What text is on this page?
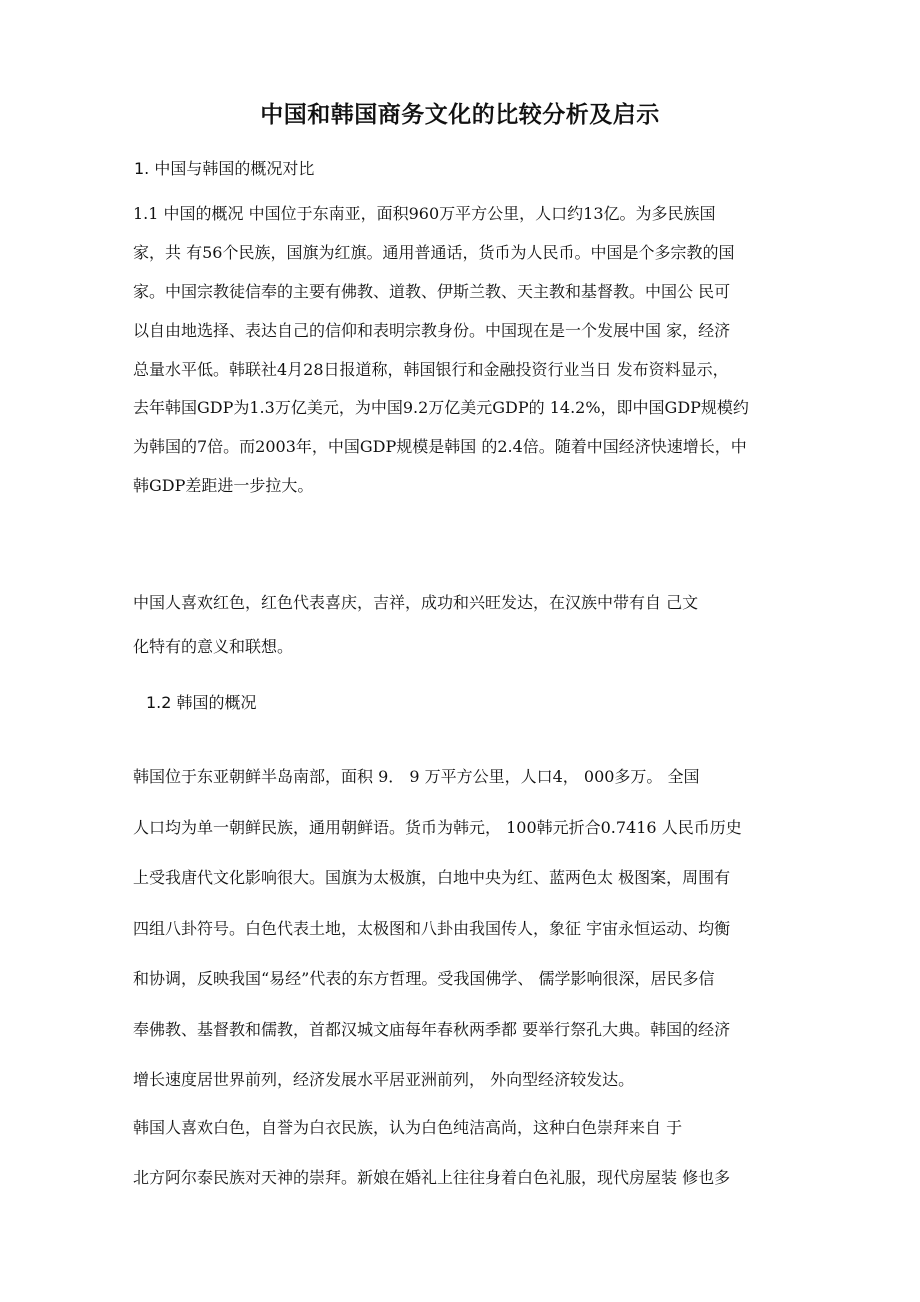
中国和韩国商务文化的比较分析及启示

1. 中国与韩国的概况对比

1.1 中国的概况 中国位于东南亚，面积960万平方公里，人口约13亿。为多民族国
家，共 有56个民族，国旗为红旗。通用普通话，货币为人民币。中国是个多宗教的国
家。中国宗教徒信奉的主要有佛教、道教、伊斯兰教、天主教和基督教。中国公 民可
以自由地选择、表达自己的信仰和表明宗教身份。中国现在是一个发展中国 家，经济
总量水平低。韩联社4月28日报道称，韩国银行和金融投资行业当日 发布资料显示，
去年韩国GDP为1.3万亿美元，为中国9.2万亿美元GDP的 14.2%，即中国GDP规模约
为韩国的7倍。而2003年，中国GDP规模是韩国 的2.4倍。随着中国经济快速增长，中
韩GDP差距进一步拉大。
中国人喜欢红色，红色代表喜庆，吉祥，成功和兴旺发达，在汉族中带有自 己文
化特有的意义和联想。

1.2 韩国的概况

韩国位于东亚朝鲜半岛南部，面积 9． 9 万平方公里，人口4， 000多万。 全国
人口均为单一朝鲜民族，通用朝鲜语。货币为韩元， 100韩元折合0.7416 人民币历史
上受我唐代文化影响很大。国旗为太极旗，白地中央为红、蓝两色太 极图案，周围有
四组八卦符号。白色代表土地，太极图和八卦由我国传人，象征 宇宙永恒运动、均衡
和协调，反映我国“易经”代表的东方哲理。受我国佛学、 儒学影响很深，居民多信
奉佛教、基督教和儒教，首都汉城文庙每年春秋两季都 要举行祭孔大典。韩国的经济
增长速度居世界前列，经济发展水平居亚洲前列， 外向型经济较发达。
韩国人喜欢白色，自誉为白衣民族，认为白色纯洁高尚，这种白色崇拜来自 于
北方阿尔泰民族对天神的崇拜。新娘在婚礼上往往身着白色礼服，现代房屋装 修也多
